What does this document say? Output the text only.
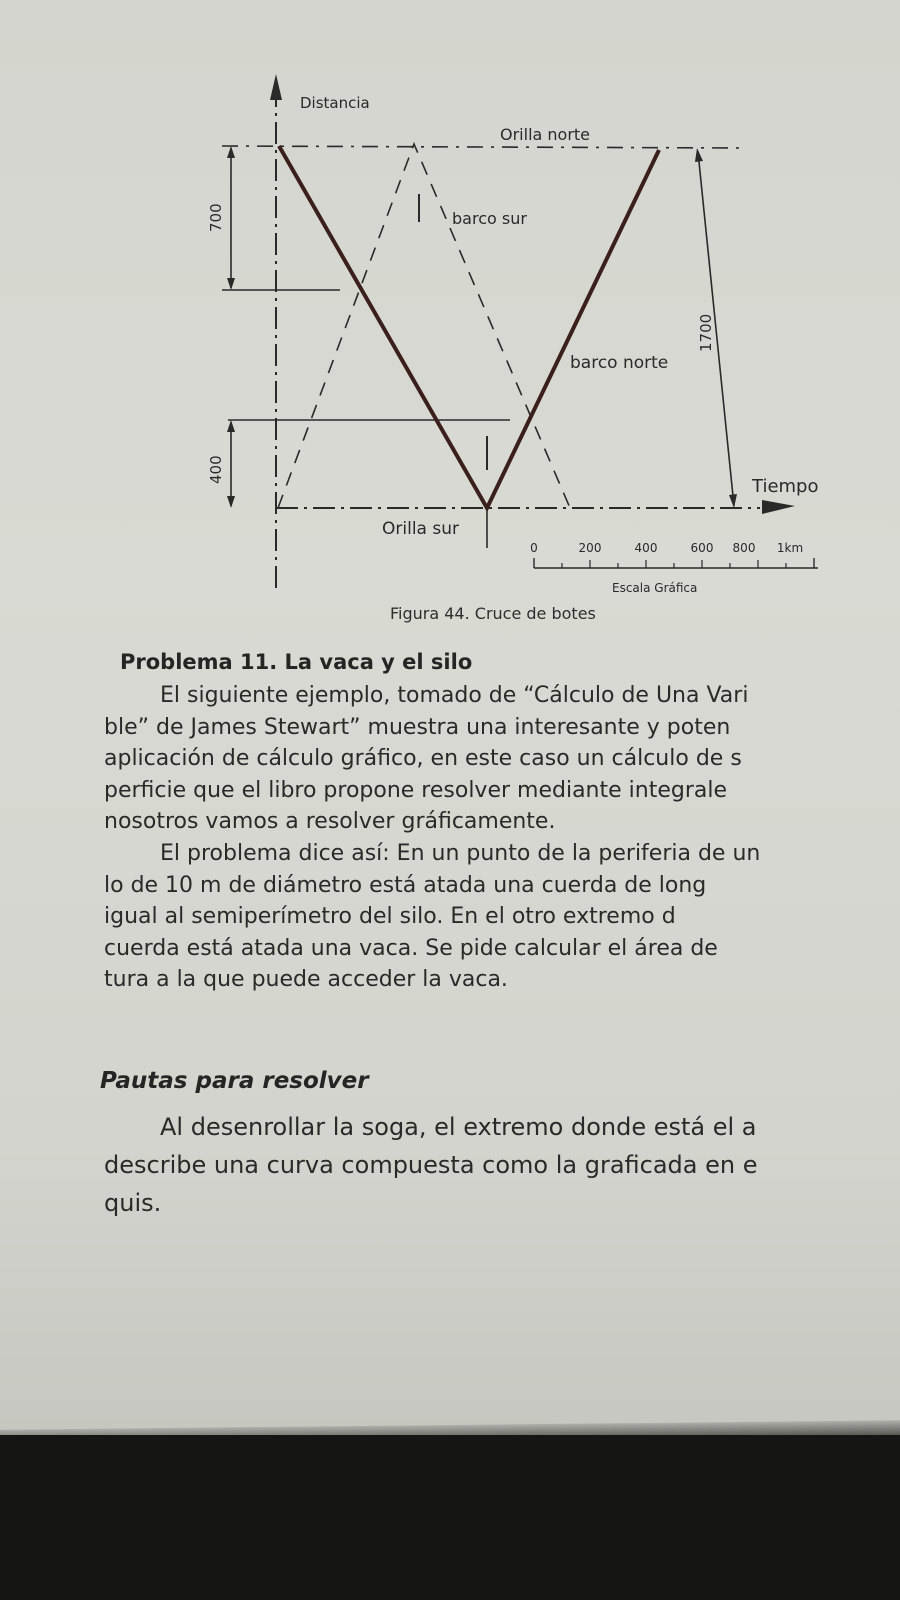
Distancia
Orilla norte
barco sur
barco norte
Tiempo
Orilla sur
700
400
1700
0	200	400	600 800 1km
Escala Gráfica
Figura 44. Cruce de botes
Problema 11. La vaca y el silo
El siguiente ejemplo, tomado de “Cálculo de Una Vari
ble” de James Stewart” muestra una interesante y poten
aplicación de cálculo gráfico, en este caso un cálculo de s
perficie que el libro propone resolver mediante integrale
nosotros vamos a resolver gráficamente.
El problema dice así: En un punto de la periferia de un
lo de 10 m de diámetro está atada una cuerda de long
igual al semiperímetro del silo. En el otro extremo d
cuerda está atada una vaca. Se pide calcular el área de
tura a la que puede acceder la vaca.
Pautas para resolver
Al desenrollar la soga, el extremo donde está el a
describe una curva compuesta como la graficada en e
quis.
